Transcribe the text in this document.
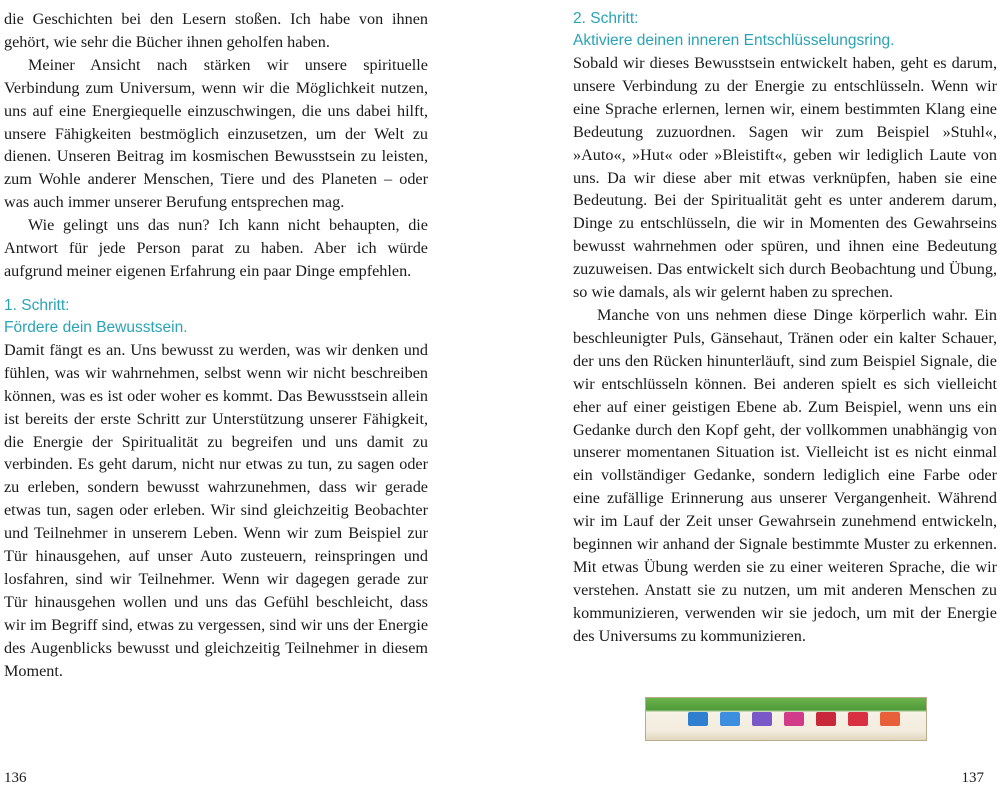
die Geschichten bei den Lesern stoßen. Ich habe von ihnen gehört, wie sehr die Bücher ihnen geholfen haben.

Meiner Ansicht nach stärken wir unsere spirituelle Verbindung zum Universum, wenn wir die Möglichkeit nutzen, uns auf eine Energiequelle einzuschwingen, die uns dabei hilft, unsere Fähigkeiten bestmöglich einzusetzen, um der Welt zu dienen. Unseren Beitrag im kosmischen Bewusstsein zu leisten, zum Wohle anderer Menschen, Tiere und des Planeten – oder was auch immer unserer Berufung entsprechen mag.

Wie gelingt uns das nun? Ich kann nicht behaupten, die Antwort für jede Person parat zu haben. Aber ich würde aufgrund meiner eigenen Erfahrung ein paar Dinge empfehlen.

1. Schritt:
Fördere dein Bewusstsein.

Damit fängt es an. Uns bewusst zu werden, was wir denken und fühlen, was wir wahrnehmen, selbst wenn wir nicht beschreiben können, was es ist oder woher es kommt. Das Bewusstsein allein ist bereits der erste Schritt zur Unterstützung unserer Fähigkeit, die Energie der Spiritualität zu begreifen und uns damit zu verbinden. Es geht darum, nicht nur etwas zu tun, zu sagen oder zu erleben, sondern bewusst wahrzunehmen, dass wir gerade etwas tun, sagen oder erleben. Wir sind gleichzeitig Beobachter und Teilnehmer in unserem Leben. Wenn wir zum Beispiel zur Tür hinausgehen, auf unser Auto zusteuern, reinspringen und losfahren, sind wir Teilnehmer. Wenn wir dagegen gerade zur Tür hinausgehen wollen und uns das Gefühl beschleicht, dass wir im Begriff sind, etwas zu vergessen, sind wir uns der Energie des Augenblicks bewusst und gleichzeitig Teilnehmer in diesem Moment.

2. Schritt:
Aktiviere deinen inneren Entschlüsselungsring.

Sobald wir dieses Bewusstsein entwickelt haben, geht es darum, unsere Verbindung zu der Energie zu entschlüsseln. Wenn wir eine Sprache erlernen, lernen wir, einem bestimmten Klang eine Bedeutung zuzuordnen. Sagen wir zum Beispiel »Stuhl«, »Auto«, »Hut« oder »Bleistift«, geben wir lediglich Laute von uns. Da wir diese aber mit etwas verknüpfen, haben sie eine Bedeutung. Bei der Spiritualität geht es unter anderem darum, Dinge zu entschlüsseln, die wir in Momenten des Gewahrseins bewusst wahrnehmen oder spüren, und ihnen eine Bedeutung zuzuweisen. Das entwickelt sich durch Beobachtung und Übung, so wie damals, als wir gelernt haben zu sprechen.

Manche von uns nehmen diese Dinge körperlich wahr. Ein beschleunigter Puls, Gänsehaut, Tränen oder ein kalter Schauer, der uns den Rücken hinunterläuft, sind zum Beispiel Signale, die wir entschlüsseln können. Bei anderen spielt es sich vielleicht eher auf einer geistigen Ebene ab. Zum Beispiel, wenn uns ein Gedanke durch den Kopf geht, der vollkommen unabhängig von unserer momentanen Situation ist. Vielleicht ist es nicht einmal ein vollständiger Gedanke, sondern lediglich eine Farbe oder eine zufällige Erinnerung aus unserer Vergangenheit. Während wir im Lauf der Zeit unser Gewahrsein zunehmend entwickeln, beginnen wir anhand der Signale bestimmte Muster zu erkennen. Mit etwas Übung werden sie zu einer weiteren Sprache, die wir verstehen. Anstatt sie zu nutzen, um mit anderen Menschen zu kommunizieren, verwenden wir sie jedoch, um mit der Energie des Universums zu kommunizieren.

136	137
